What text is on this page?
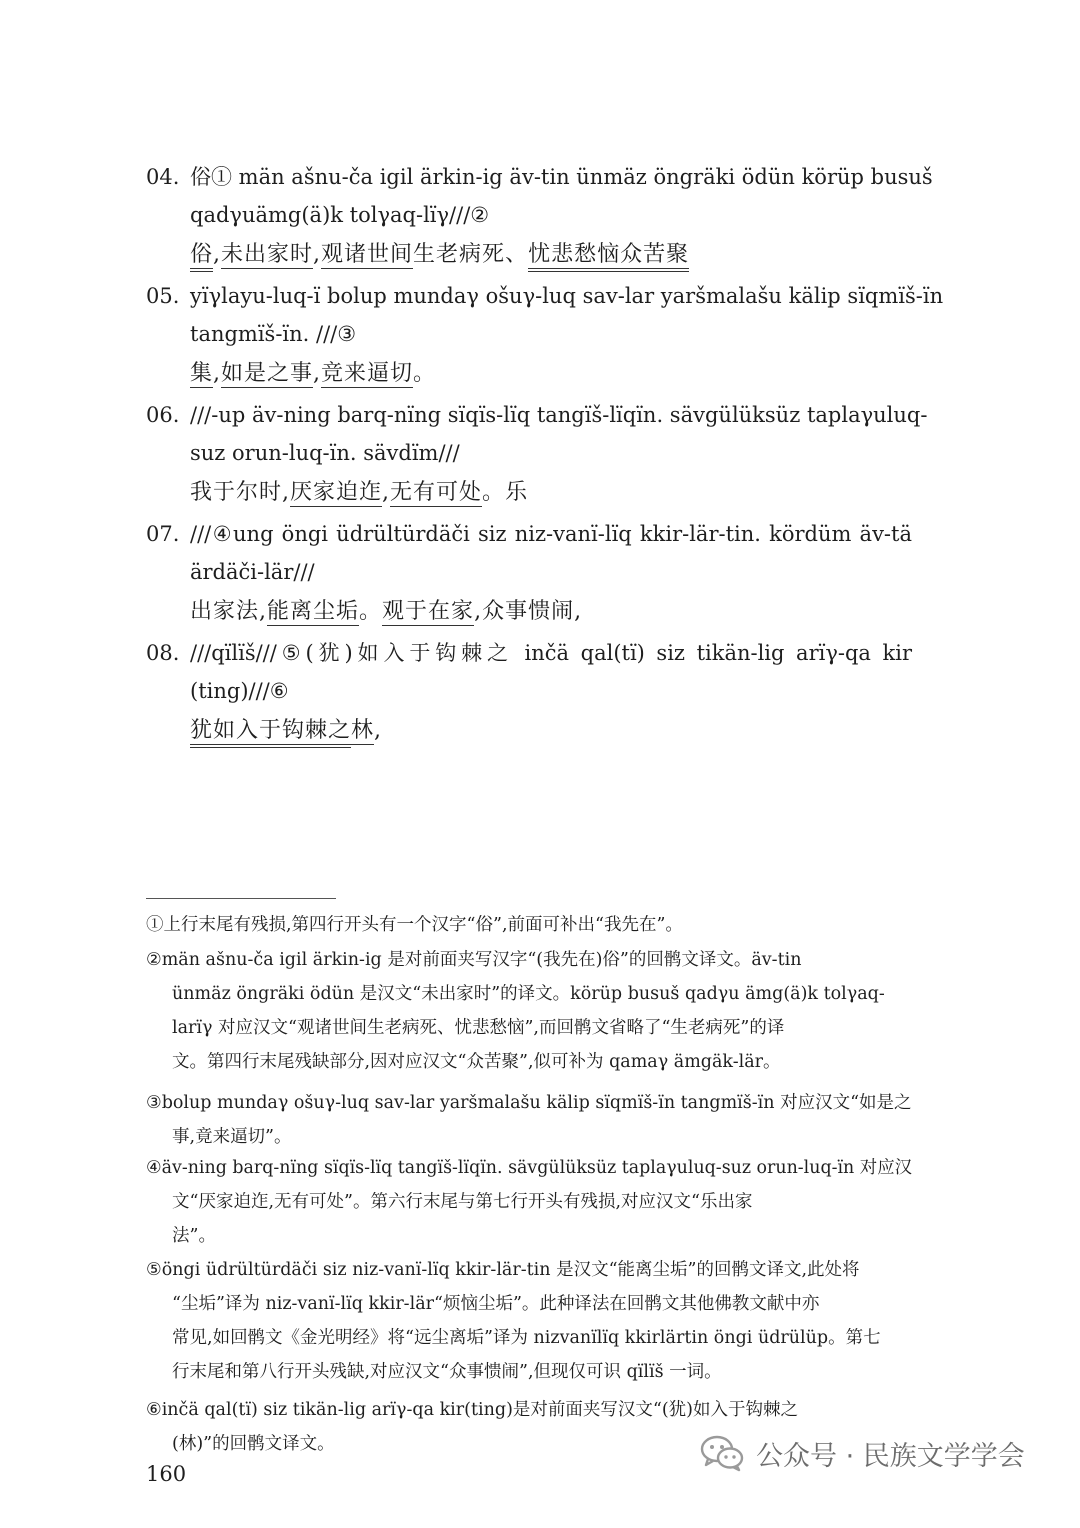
04. 俗① män ašnu-ča igil ärkin-ig äv-tin ünmäz öngräki ödün körüp busuš
qadγuämg(ä)k tolγaq-lïγ///②
俗,未出家时,观诸世间生老病死、忧悲愁恼众苦聚
05. yïγlayu-luq-ï bolup mundaγ ošuγ-luq sav-lar yaršmalašu kälip sïqmïš-ïn
tangmïš-ïn. ///③
集,如是之事,竞来逼切。
06. ///-up äv-ning barq-nïng sïqïs-lïq tangïš-lïqïn. sävgülüksüz taplaγuluq-
suz orun-luq-ïn. sävdïm///
我于尔时,厌家迫迮,无有可处。乐
07. ///④ung öngi üdrültürdäči siz niz-vanï-lïq kkir-lär-tin. kördüm äv-tä
ärdäči-lär///
出家法,能离尘垢。观于在家,众事愦闹,
08. ///qïlïš///⑤(犹)如入于钩棘之 inčä qal(tï) siz tikän-lig arïγ-qa kir
(ting)///⑥
犹如入于钩棘之林,
①上行末尾有残损,第四行开头有一个汉字“俗”,前面可补出“我先在”。
②män ašnu-ča igil ärkin-ig 是对前面夹写汉字“(我先在)俗”的回鹘文译文。äv-tin
ünmäz öngräki ödün 是汉文“未出家时”的译文。körüp busuš qadγu ämg(ä)k tolγaq-
larïγ 对应汉文“观诸世间生老病死、忧悲愁恼”,而回鹘文省略了“生老病死”的译
文。第四行末尾残缺部分,因对应汉文“众苦聚”,似可补为 qamaγ ämgäk-lär。
③bolup mundaγ ošuγ-luq sav-lar yaršmalašu kälip sïqmïš-ïn tangmïš-ïn 对应汉文“如是之
事,竟来逼切”。
④äv-ning barq-nïng sïqïs-lïq tangïš-lïqïn. sävgülüksüz taplaγuluq-suz orun-luq-ïn 对应汉
文“厌家迫迮,无有可处”。第六行末尾与第七行开头有残损,对应汉文“乐出家
法”。
⑤öngi üdrültürdäči siz niz-vanï-lïq kkir-lär-tin 是汉文“能离尘垢”的回鹘文译文,此处将
“尘垢”译为 niz-vanï-lïq kkir-lär“烦恼尘垢”。此种译法在回鹘文其他佛教文献中亦
常见,如回鹘文《金光明经》将“远尘离垢”译为 nizvanïlïq kkirlärtin öngi üdrülüp。第七
行末尾和第八行开头残缺,对应汉文“众事愦闹”,但现仅可识 qïlïš 一词。
⑥inčä qal(tï) siz tikän-lig arïγ-qa kir(ting)是对前面夹写汉文“(犹)如入于钩棘之
(林)”的回鹘文译文。
160
公众号 · 民族文学学会
